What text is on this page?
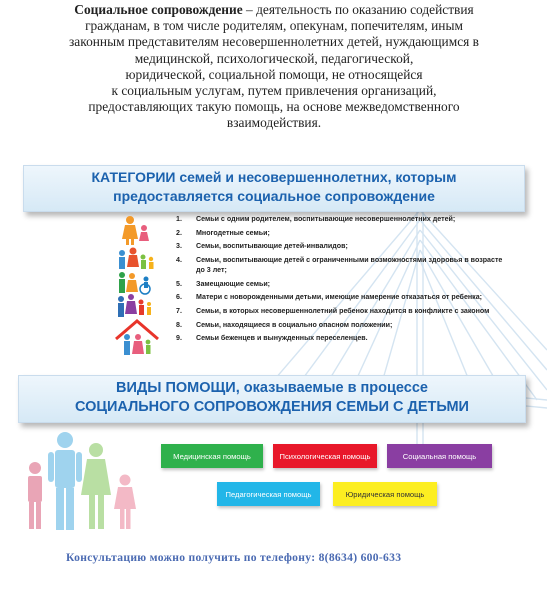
Социальное сопровождение – деятельность по оказанию содействия
гражданам, в том числе родителям, опекунам, попечителям, иным
законным представителям несовершеннолетних детей, нуждающимся в
медицинской, психологической, педагогической,
юридической, социальной помощи, не относящейся
к социальным услугам, путем привлечения организаций,
предоставляющих такую помощь, на основе межведомственного
взаимодействия.
КАТЕГОРИИ семей и несовершеннолетних, которым
предоставляется социальное сопровождение
1. Семьи с одним родителем, воспитывающие несовершеннолетних детей;
2. Многодетные семьи;
3. Семьи, воспитывающие детей-инвалидов;
4. Семьи, воспитывающие детей с ограниченными возможностями здоровья в возрасте до 3 лет;
5. Замещающие семьи;
6. Матери с новорожденными детьми, имеющие намерение отказаться от ребенка;
7. Семьи, в которых несовершеннолетний ребенок находится в конфликте с законом
8. Семьи, находящиеся в социально опасном положении;
9. Семьи беженцев и вынужденных переселенцев.
ВИДЫ ПОМОЩИ, оказываемые в процессе
СОЦИАЛЬНОГО СОПРОВОЖДЕНИЯ СЕМЬИ С ДЕТЬМИ
Медицинская помощь	Психологическая помощь	Социальная помощь
Педагогическая помощь	Юридическая помощь
Консультацию можно получить по телефону: 8(8634) 600-633
